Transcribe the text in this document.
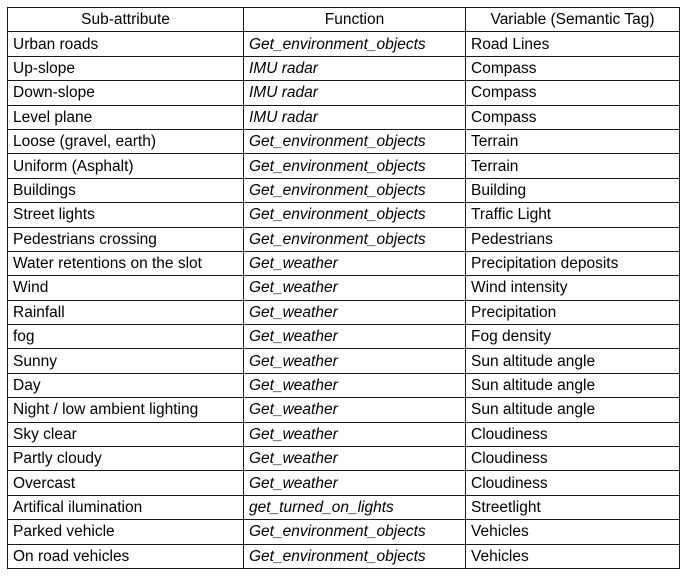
Sub-attribute	Function	Variable (Semantic Tag)
Urban roads	Get_environment_objects	Road Lines
Up-slope	IMU radar	Compass
Down-slope	IMU radar	Compass
Level plane	IMU radar	Compass
Loose (gravel, earth)	Get_environment_objects	Terrain
Uniform (Asphalt)	Get_environment_objects	Terrain
Buildings	Get_environment_objects	Building
Street lights	Get_environment_objects	Traffic Light
Pedestrians crossing	Get_environment_objects	Pedestrians
Water retentions on the slot	Get_weather	Precipitation deposits
Wind	Get_weather	Wind intensity
Rainfall	Get_weather	Precipitation
fog	Get_weather	Fog density
Sunny	Get_weather	Sun altitude angle
Day	Get_weather	Sun altitude angle
Night / low ambient lighting	Get_weather	Sun altitude angle
Sky clear	Get_weather	Cloudiness
Partly cloudy	Get_weather	Cloudiness
Overcast	Get_weather	Cloudiness
Artifical ilumination	get_turned_on_lights	Streetlight
Parked vehicle	Get_environment_objects	Vehicles
On road vehicles	Get_environment_objects	Vehicles
